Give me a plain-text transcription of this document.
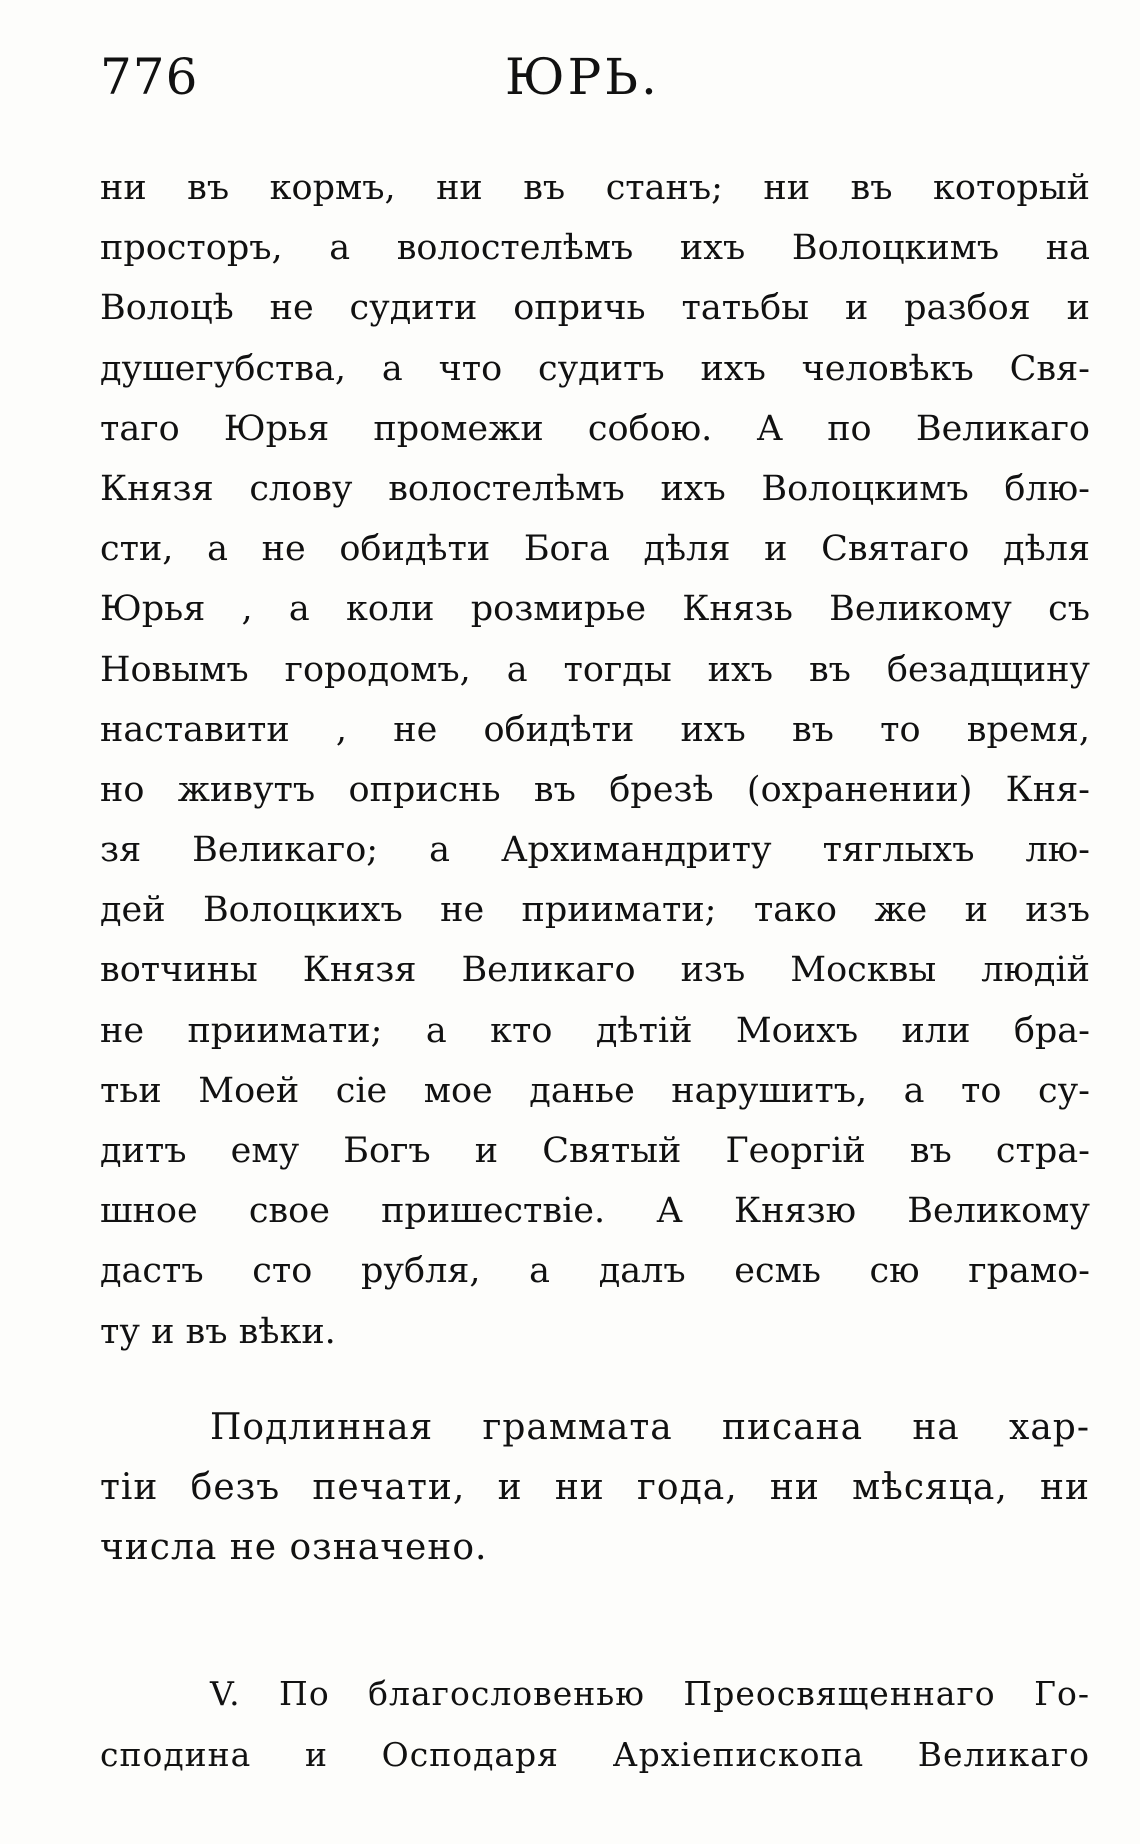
776	ЮРЬ.
ни въ кормъ, ни въ станъ; ни въ который
просторъ, а волостелѣмъ ихъ Волоцкимъ на
Волоцѣ не судити опричь татьбы и разбоя и
душегубства, а что судитъ ихъ человѣкъ Свя-
таго Юрья промежи собою. А по Великаго
Князя слову волостелѣмъ ихъ Волоцкимъ блю-
сти, а не обидѣти Бога дѣля и Святаго дѣля
Юрья , а коли розмирье Князь Великому съ
Новымъ городомъ, а тогды ихъ въ безадщину
наставити , не обидѣти ихъ въ то время,
но живутъ оприснь въ брезѣ (охранении) Кня-
зя Великаго; а Архимандриту тяглыхъ лю-
дей Волоцкихъ не приимати; тако же и изъ
вотчины Князя Великаго изъ Москвы людій
не приимати; а кто дѣтій Моихъ или бра-
тьи Моей сіе мое данье нарушитъ, а то су-
дитъ ему Богъ и Святый Георгій въ стра-
шное свое пришествіе. А Князю Великому
дастъ сто рубля, а далъ есмь сю грамо-
ту и въ вѣки.
Подлинная граммата писана на хар-
тіи безъ печати, и ни года, ни мѣсяца, ни
числа не означено.
V. По благословенью Преосвященнаго Го-
сподина и Осподаря Архіепископа Великаго
